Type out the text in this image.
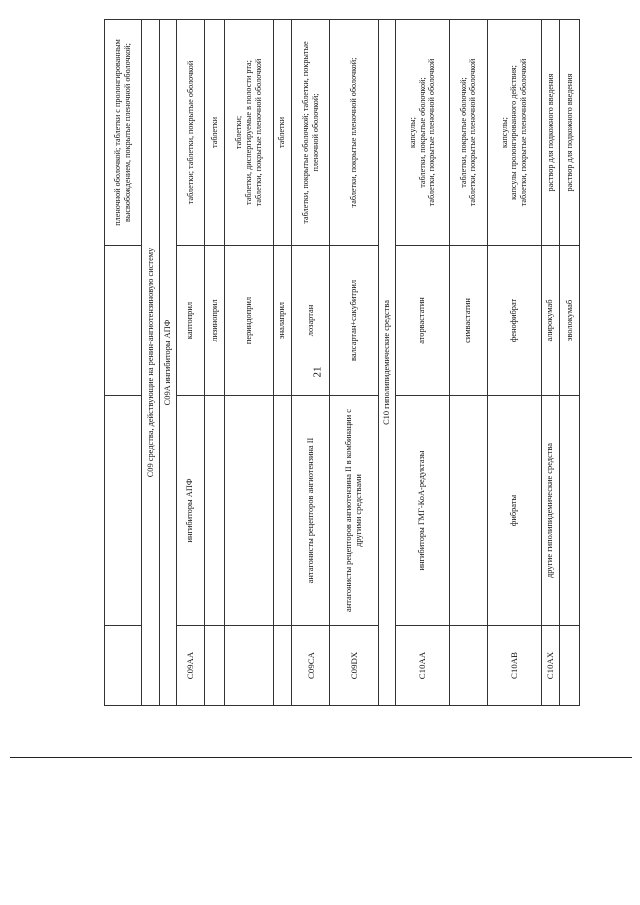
21

			пленочной оболочкой; таблетки с пролонгированным высвобождением, покрытые пленочной оболочкой;

C09 средства, действующие на ренин-ангиотензиновую систему			
C09A ингибиторы АПФ			
C09AA	ингибиторы АПФ	каптоприл	таблетки; таблетки, покрытые оболочкой

		лизиноприл	таблетки

		периндоприл	таблетки; таблетки, диспергируемые в полости рта; таблетки, покрытые пленочной оболочкой

		эналаприл	таблетки

C09CA	антагонисты рецепторов ангиотензина II	лозартан	таблетки, покрытые оболочкой; таблетки, покрытые пленочной оболочкой;

C09DX	антагонисты рецепторов ангиотензина II в комбинации с другими средствами	валсартан+сакубитрил	таблетки, покрытые пленочной оболочкой;

C10 гиполипидемические средства			
C10AA	ингибиторы ГМГ-КоА-редуктазы	аторвастатин	капсулы; таблетки, покрытые оболочкой; таблетки, покрытые пленочной оболочкой

		симвастатин	таблетки, покрытые оболочкой; таблетки, покрытые пленочной оболочкой

C10AB	фибраты	фенофибрат	капсулы; капсулы пролонгированного действия; таблетки, покрытые пленочной оболочкой

C10AX	другие гиполипидемические средства	алирокумаб	раствор для подкожного введения

		эволокумаб	раствор для подкожного введения
